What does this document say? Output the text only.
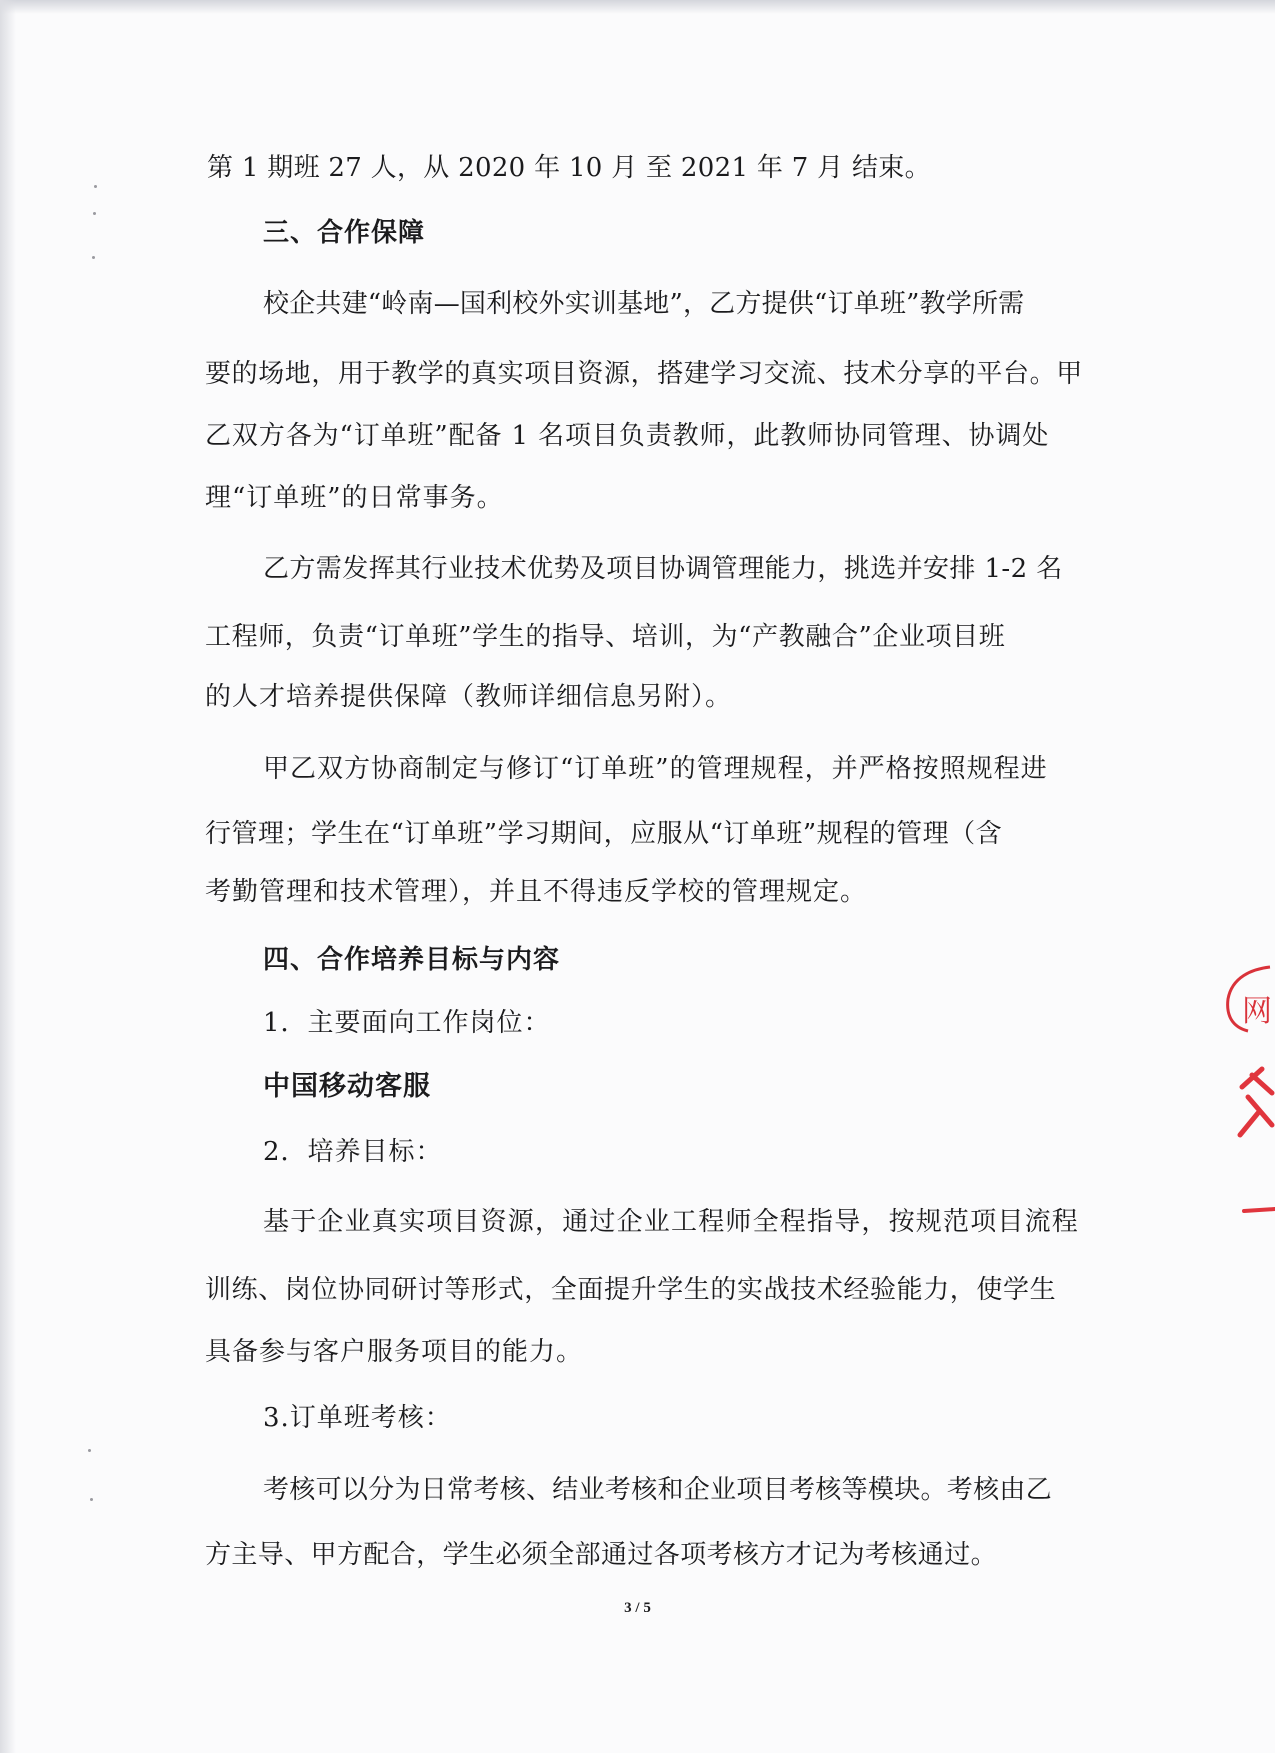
第 1 期班 27 人，从 2020 年 10 月 至 2021 年 7 月 结束。

三、合作保障

校企共建“岭南—国利校外实训基地”，乙方提供“订单班”教学所需

要的场地，用于教学的真实项目资源，搭建学习交流、技术分享的平台。甲

乙双方各为“订单班”配备 1 名项目负责教师，此教师协同管理、协调处

理“订单班”的日常事务。

乙方需发挥其行业技术优势及项目协调管理能力，挑选并安排 1-2 名

工程师，负责“订单班”学生的指导、培训，为“产教融合”企业项目班

的人才培养提供保障（教师详细信息另附）。

甲乙双方协商制定与修订“订单班”的管理规程，并严格按照规程进

行管理；学生在“订单班”学习期间，应服从“订单班”规程的管理（含

考勤管理和技术管理），并且不得违反学校的管理规定。

四、合作培养目标与内容

1．主要面向工作岗位：

中国移动客服

2．培养目标：

基于企业真实项目资源，通过企业工程师全程指导，按规范项目流程

训练、岗位协同研讨等形式，全面提升学生的实战技术经验能力，使学生

具备参与客户服务项目的能力。

3.订单班考核：

考核可以分为日常考核、结业考核和企业项目考核等模块。考核由乙

方主导、甲方配合，学生必须全部通过各项考核方才记为考核通过。

3 / 5
网
